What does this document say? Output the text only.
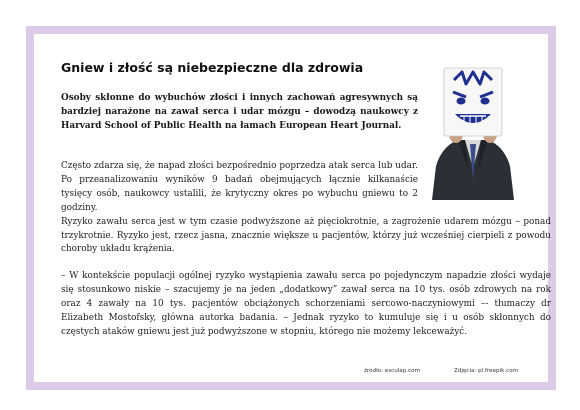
Gniew i złość są niebezpieczne dla zdrowia
Osoby skłonne do wybuchów złości i innych zachowań agresywnych są bardziej narażone na zawał serca i udar mózgu – dowodzą naukowcy z Harvard School of Public Health na łamach European Heart Journal.
Często zdarza się, że napad złości bezpośrednio poprzedza atak serca lub udar. Po przeanalizowaniu wyników 9 badań obejmujących łącznie kilkanaście tysięcy osób, naukowcy ustalili, że krytyczny okres po wybuchu gniewu to 2 godziny.
Ryzyko zawału serca jest w tym czasie podwyższone aż pięciokrotnie, a zagrożenie udarem mózgu – ponad trzykrotnie. Ryzyko jest, rzecz jasna, znacznie większe u pacjentów, którzy już wcześniej cierpieli z powodu choroby układu krążenia.
– W kontekście populacji ogólnej ryzyko wystąpienia zawału serca po pojedynczym napadzie złości wydaje się stosunkowo niskie – szacujemy je na jeden „dodatkowy” zawał serca na 10 tys. osób zdrowych na rok oraz 4 zawały na 10 tys. pacjentów obciążonych schorzeniami sercowo-naczyniowymi –- tłumaczy dr Elizabeth Mostofsky, główna autorka badania. – Jednak ryzyko to kumuluje się i u osób skłonnych do częstych ataków gniewu jest już podwyższone w stopniu, którego nie możemy lekceważyć.
źródło: esculap.com	Zdjęcia: pl.freepik.com
